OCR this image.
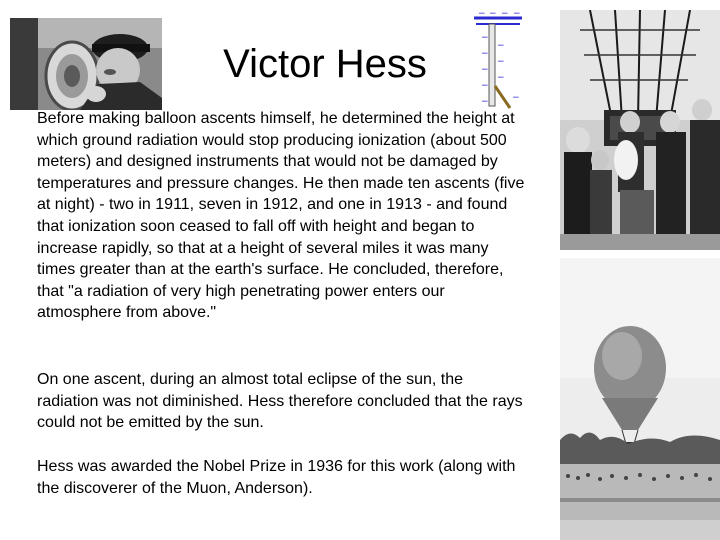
Victor Hess
− − − −
−
−
−
−
−
−
−
−
−
Before making balloon ascents himself, he determined the height at which ground radiation would stop producing ionization (about 500 meters) and designed instruments that would not be damaged by temperatures and pressure changes. He then made ten ascents (five at night) - two in 1911, seven in 1912, and one in 1913 - and found that ionization soon ceased to fall off with height and began to increase rapidly, so that at a height of several miles it was many times greater than at the earth's surface. He concluded, therefore, that "a radiation of very high penetrating power enters our atmosphere from above."
On one ascent, during an almost total eclipse of the sun, the radiation was not diminished. Hess therefore concluded that the rays could not be emitted by the sun.
Hess was awarded the Nobel Prize in 1936 for this work (along with the discoverer of the Muon, Anderson).
